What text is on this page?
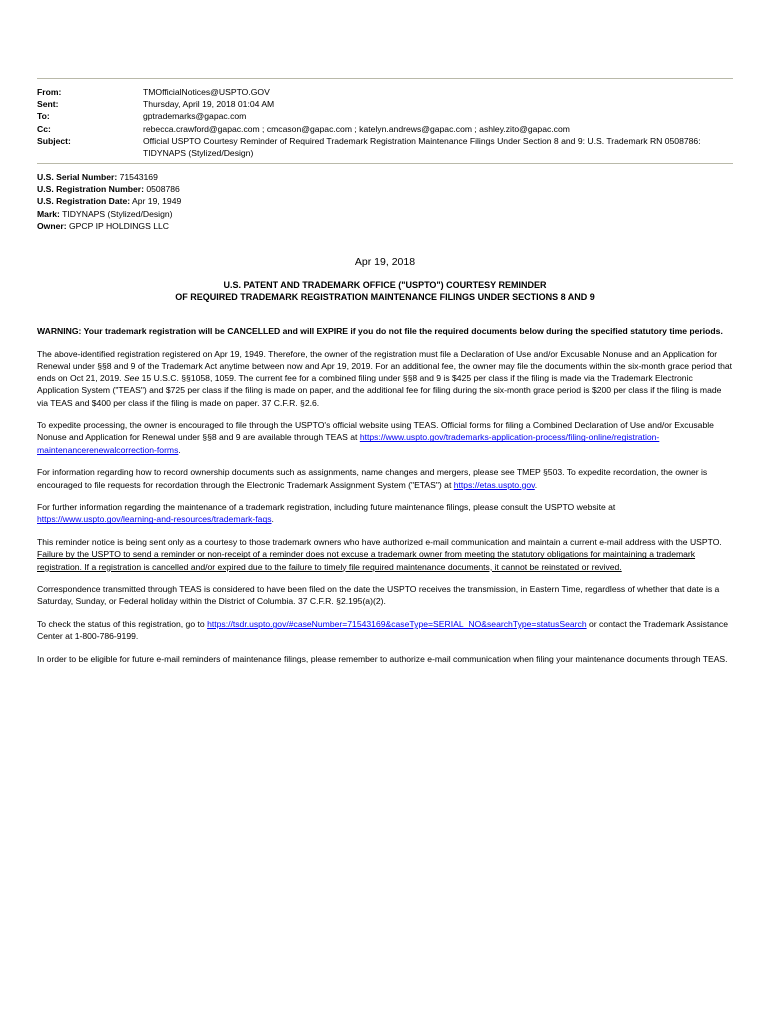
From:	TMOfficialNotices@USPTO.GOV
Sent:	Thursday, April 19, 2018 01:04 AM
To:	gptrademarks@gapac.com
Cc:	rebecca.crawford@gapac.com ; cmcason@gapac.com ; katelyn.andrews@gapac.com ; ashley.zito@gapac.com
Subject:	Official USPTO Courtesy Reminder of Required Trademark Registration Maintenance Filings Under Section 8 and 9: U.S. Trademark RN 0508786: TIDYNAPS (Stylized/Design)
U.S. Serial Number: 71543169
U.S. Registration Number: 0508786
U.S. Registration Date: Apr 19, 1949
Mark: TIDYNAPS (Stylized/Design)
Owner: GPCP IP HOLDINGS LLC
Apr 19, 2018
U.S. PATENT AND TRADEMARK OFFICE ("USPTO") COURTESY REMINDER
OF REQUIRED TRADEMARK REGISTRATION MAINTENANCE FILINGS UNDER SECTIONS 8 AND 9

WARNING: Your trademark registration will be CANCELLED and will EXPIRE if you do not file the required documents below during the specified statutory time periods.

The above-identified registration registered on Apr 19, 1949. Therefore, the owner of the registration must file a Declaration of Use and/or Excusable Nonuse and an Application for Renewal under §§8 and 9 of the Trademark Act anytime between now and Apr 19, 2019. For an additional fee, the owner may file the documents within the six-month grace period that ends on Oct 21, 2019. See 15 U.S.C. §§1058, 1059. The current fee for a combined filing under §§8 and 9 is $425 per class if the filing is made via the Trademark Electronic Application System ("TEAS") and $725 per class if the filing is made on paper, and the additional fee for filing during the six-month grace period is $200 per class if the filing is made via TEAS and $400 per class if the filing is made on paper. 37 C.F.R. §2.6.

To expedite processing, the owner is encouraged to file through the USPTO's official website using TEAS. Official forms for filing a Combined Declaration of Use and/or Excusable Nonuse and Application for Renewal under §§8 and 9 are available through TEAS at https://www.uspto.gov/trademarks-application-process/filing-online/registration-maintenancerenewalcorrection-forms.

For information regarding how to record ownership documents such as assignments, name changes and mergers, please see TMEP §503. To expedite recordation, the owner is encouraged to file requests for recordation through the Electronic Trademark Assignment System ("ETAS") at https://etas.uspto.gov.

For further information regarding the maintenance of a trademark registration, including future maintenance filings, please consult the USPTO website at https://www.uspto.gov/learning-and-resources/trademark-faqs.

This reminder notice is being sent only as a courtesy to those trademark owners who have authorized e-mail communication and maintain a current e-mail address with the USPTO. Failure by the USPTO to send a reminder or non-receipt of a reminder does not excuse a trademark owner from meeting the statutory obligations for maintaining a trademark registration. If a registration is cancelled and/or expired due to the failure to timely file required maintenance documents, it cannot be reinstated or revived.

Correspondence transmitted through TEAS is considered to have been filed on the date the USPTO receives the transmission, in Eastern Time, regardless of whether that date is a Saturday, Sunday, or Federal holiday within the District of Columbia. 37 C.F.R. §2.195(a)(2).

To check the status of this registration, go to https://tsdr.uspto.gov/#caseNumber=71543169&caseType=SERIAL_NO&searchType=statusSearch or contact the Trademark Assistance Center at 1-800-786-9199.

In order to be eligible for future e-mail reminders of maintenance filings, please remember to authorize e-mail communication when filing your maintenance documents through TEAS.
